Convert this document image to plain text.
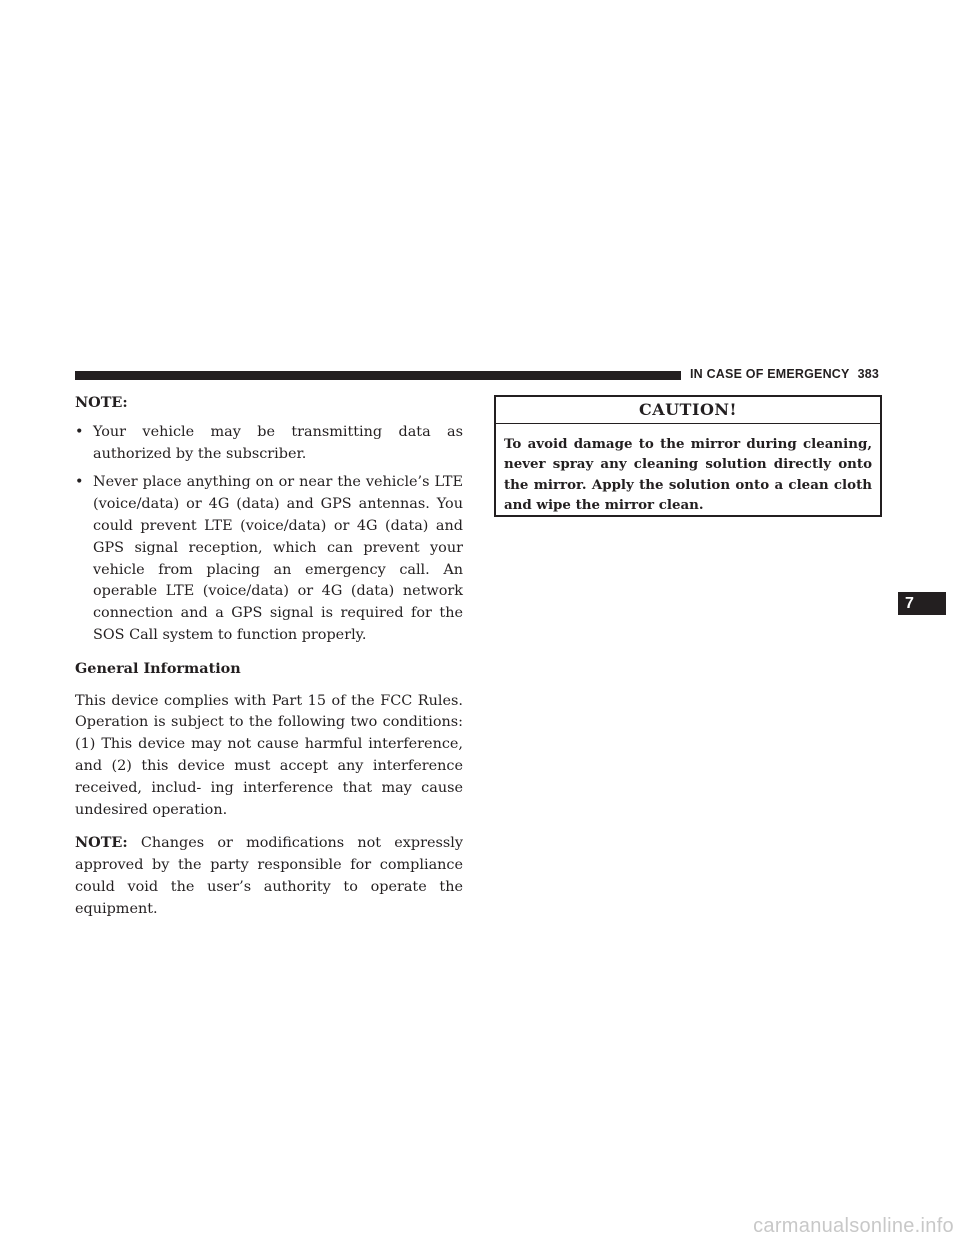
IN CASE OF EMERGENCY 383

NOTE:

• Your vehicle may be transmitting data as authorized by the subscriber.
• Never place anything on or near the vehicle’s LTE (voice/data) or 4G (data) and GPS antennas. You could prevent LTE (voice/data) or 4G (data) and GPS signal reception, which can prevent your vehicle from placing an emergency call. An operable LTE (voice/data) or 4G (data) network connection and a GPS signal is required for the SOS Call system to function properly.

General Information

This device complies with Part 15 of the FCC Rules. Operation is subject to the following two conditions: (1) This device may not cause harmful interference, and (2) this device must accept any interference received, includ- ing interference that may cause undesired operation.

NOTE: Changes or modifications not expressly approved by the party responsible for compliance could void the user’s authority to operate the equipment.

CAUTION!
To avoid damage to the mirror during cleaning, never spray any cleaning solution directly onto the mirror. Apply the solution onto a clean cloth and wipe the mirror clean.
7
carmanualsonline.info
